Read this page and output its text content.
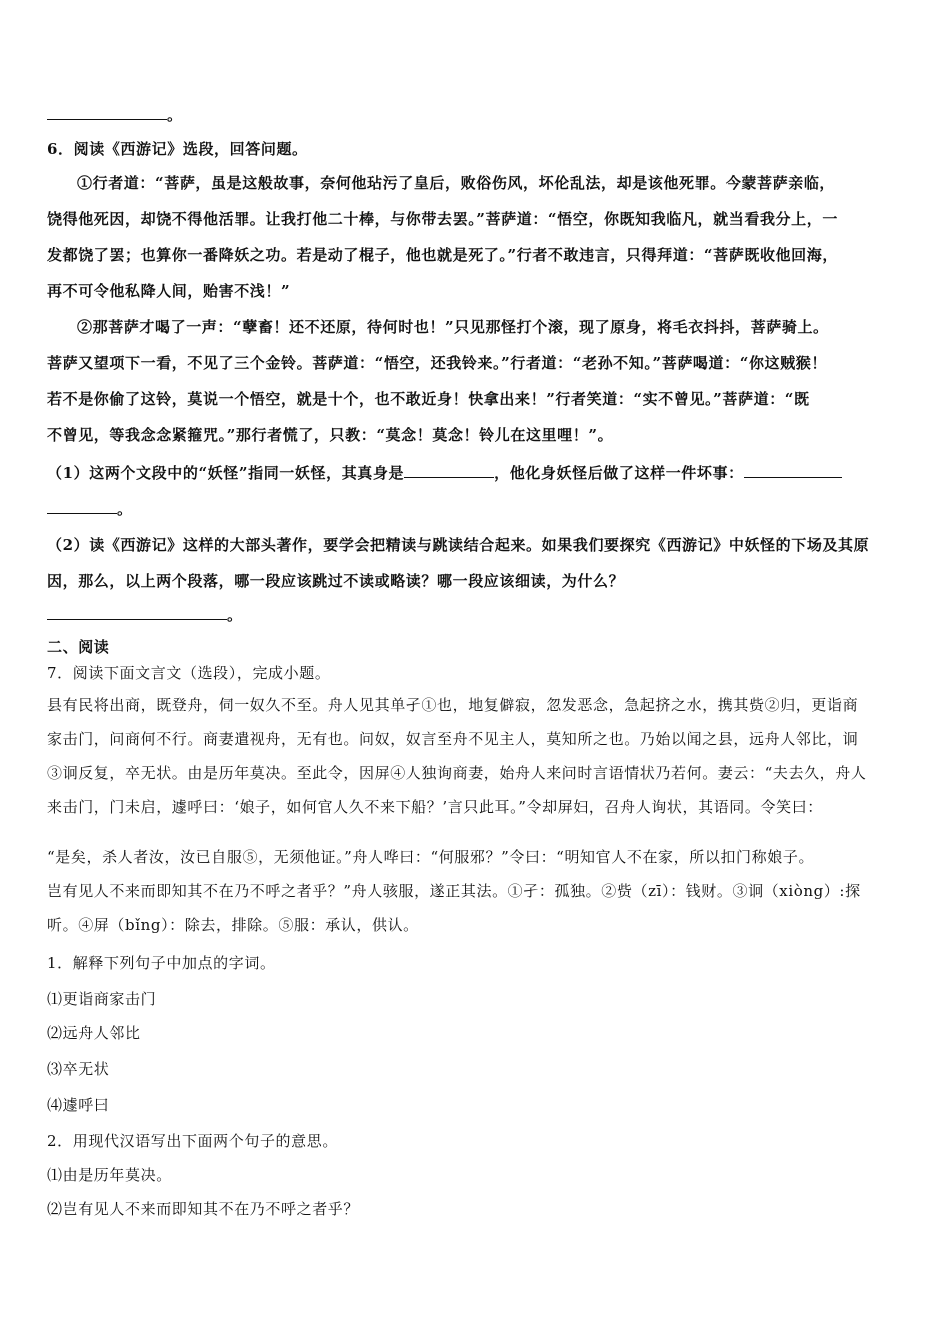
。

6．阅读《西游记》选段，回答问题。

①行者道：“菩萨，虽是这般故事，奈何他玷污了皇后，败俗伤风，坏伦乱法，却是该他死罪。今蒙菩萨亲临，

饶得他死因，却饶不得他活罪。让我打他二十棒，与你带去罢。”菩萨道：“悟空，你既知我临凡，就当看我分上，一

发都饶了罢；也算你一番降妖之功。若是动了棍子，他也就是死了。”行者不敢违言，只得拜道：“菩萨既收他回海，

再不可令他私降人间，贻害不浅！”

②那菩萨才喝了一声：“孽畜！还不还原，待何时也！”只见那怪打个滚，现了原身，将毛衣抖抖，菩萨骑上。

菩萨又望项下一看，不见了三个金铃。菩萨道：“悟空，还我铃来。”行者道：“老孙不知。”菩萨喝道：“你这贼猴！

若不是你偷了这铃，莫说一个悟空，就是十个，也不敢近身！快拿出来！”行者笑道：“实不曾见。”菩萨道：“既

不曾见，等我念念紧箍咒。”那行者慌了，只教：“莫念！莫念！铃儿在这里哩！”。

（1）这两个文段中的“妖怪”指同一妖怪，其真身是	，他化身妖怪后做了这样一件坏事：

。

（2）读《西游记》这样的大部头著作，要学会把精读与跳读结合起来。如果我们要探究《西游记》中妖怪的下场及其原

因，那么，以上两个段落，哪一段应该跳过不读或略读？哪一段应该细读，为什么？

。

二、阅读

7．阅读下面文言文（选段），完成小题。

县有民将出商，既登舟，伺一奴久不至。舟人见其单孑①也，地复僻寂，忽发恶念，急起挤之水，携其赀②归，更诣商

家击门，问商何不行。商妻遣视舟，无有也。问奴，奴言至舟不见主人，莫知所之也。乃始以闻之县，远舟人邻比，诇

③诇反复，卒无状。由是历年莫决。至此令，因屏④人独询商妻，始舟人来问时言语情状乃若何。妻云：“夫去久，舟人

来击门，门未启，遽呼曰：‘娘子，如何官人久不来下船？’言只此耳。”令却屏妇，召舟人询状，其语同。令笑曰：

“是矣，杀人者汝，汝已自服⑤，无须他证。”舟人哗曰：“何服邪？”令曰：“明知官人不在家，所以扣门称娘子。

岂有见人不来而即知其不在乃不呼之者乎？”舟人骇服，遂正其法。①孑：孤独。②赀（zī）：钱财。③诇（xiòng）:探

听。④屏（bǐng）：除去，排除。⑤服：承认，供认。

1．解释下列句子中加点的字词。

⑴更诣商家击门

⑵远舟人邻比

⑶卒无状

⑷遽呼曰

2．用现代汉语写出下面两个句子的意思。

⑴由是历年莫决。

⑵岂有见人不来而即知其不在乃不呼之者乎？
